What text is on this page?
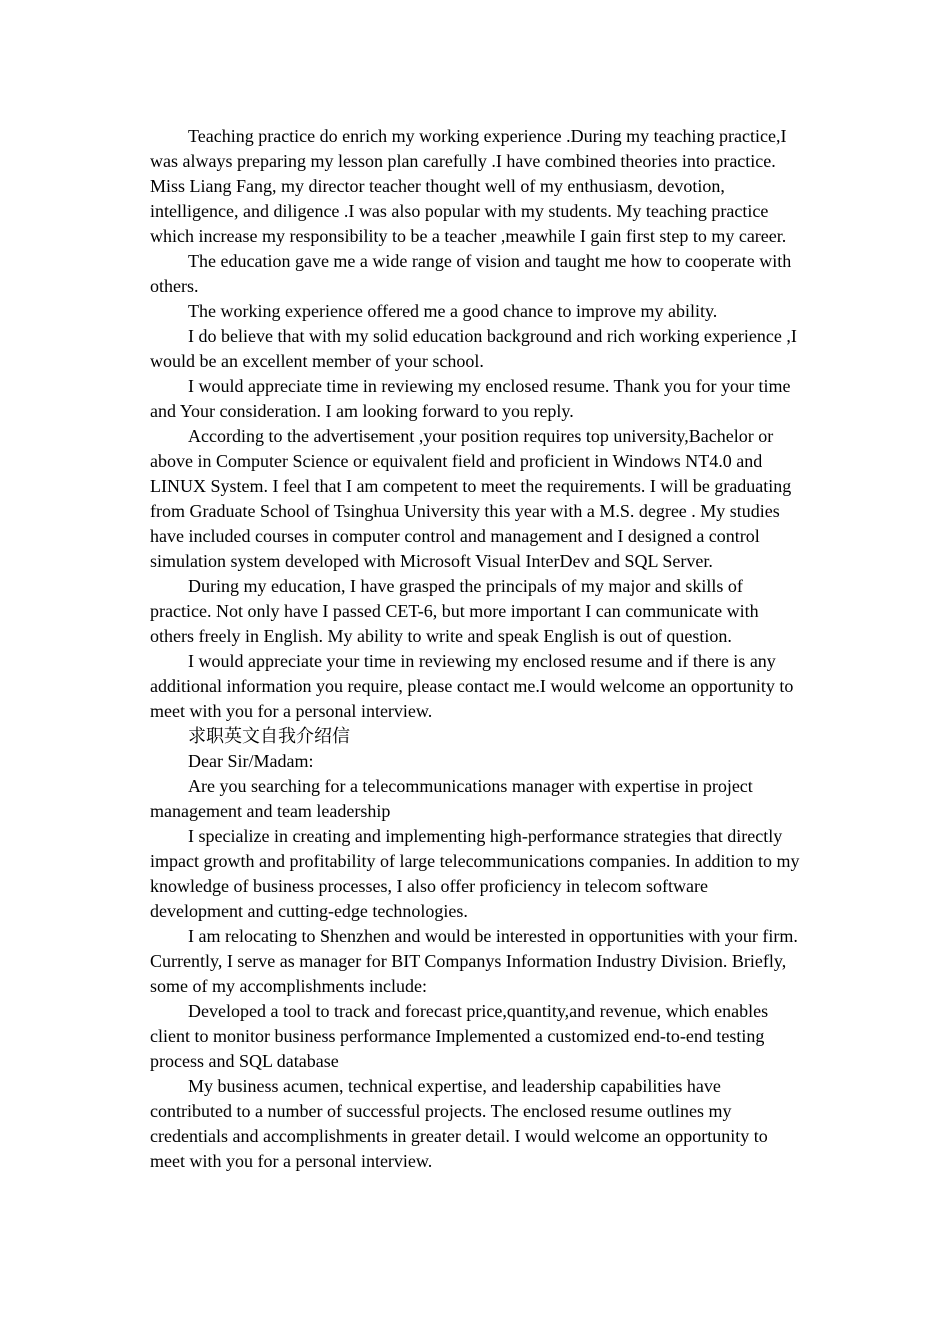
Teaching practice do enrich my working experience .During my teaching practice,I was always preparing my lesson plan carefully .I have combined theories into practice. Miss Liang Fang, my director teacher thought well of my enthusiasm, devotion, intelligence, and diligence .I was also popular with my students. My teaching practice which increase my responsibility to be a teacher ,meawhile I gain first step to my career.

The education gave me a wide range of vision and taught me how to cooperate with others.

The working experience offered me a good chance to improve my ability.

I do believe that with my solid education background and rich working experience ,I would be an excellent member of your school.

I would appreciate time in reviewing my enclosed resume. Thank you for your time and Your consideration. I am looking forward to you reply.

According to the advertisement ,your position requires top university,Bachelor or above in Computer Science or equivalent field and proficient in Windows NT4.0 and LINUX System. I feel that I am competent to meet the requirements. I will be graduating from Graduate School of Tsinghua University this year with a M.S. degree . My studies have included courses in computer control and management and I designed a control simulation system developed with Microsoft Visual InterDev and SQL Server.

During my education, I have grasped the principals of my major and skills of practice. Not only have I passed CET-6, but more important I can communicate with others freely in English. My ability to write and speak English is out of question.

I would appreciate your time in reviewing my enclosed resume and if there is any additional information you require, please contact me.I would welcome an opportunity to meet with you for a personal interview.

求职英文自我介绍信

Dear Sir/Madam:

Are you searching for a telecommunications manager with expertise in project management and team leadership

I specialize in creating and implementing high-performance strategies that directly impact growth and profitability of large telecommunications companies. In addition to my knowledge of business processes, I also offer proficiency in telecom software development and cutting-edge technologies.

I am relocating to Shenzhen and would be interested in opportunities with your firm. Currently, I serve as manager for BIT Companys Information Industry Division. Briefly, some of my accomplishments include:

Developed a tool to track and forecast price,quantity,and revenue, which enables client to monitor business performance Implemented a customized end-to-end testing process and SQL database

My business acumen, technical expertise, and leadership capabilities have contributed to a number of successful projects. The enclosed resume outlines my credentials and accomplishments in greater detail. I would welcome an opportunity to meet with you for a personal interview.
